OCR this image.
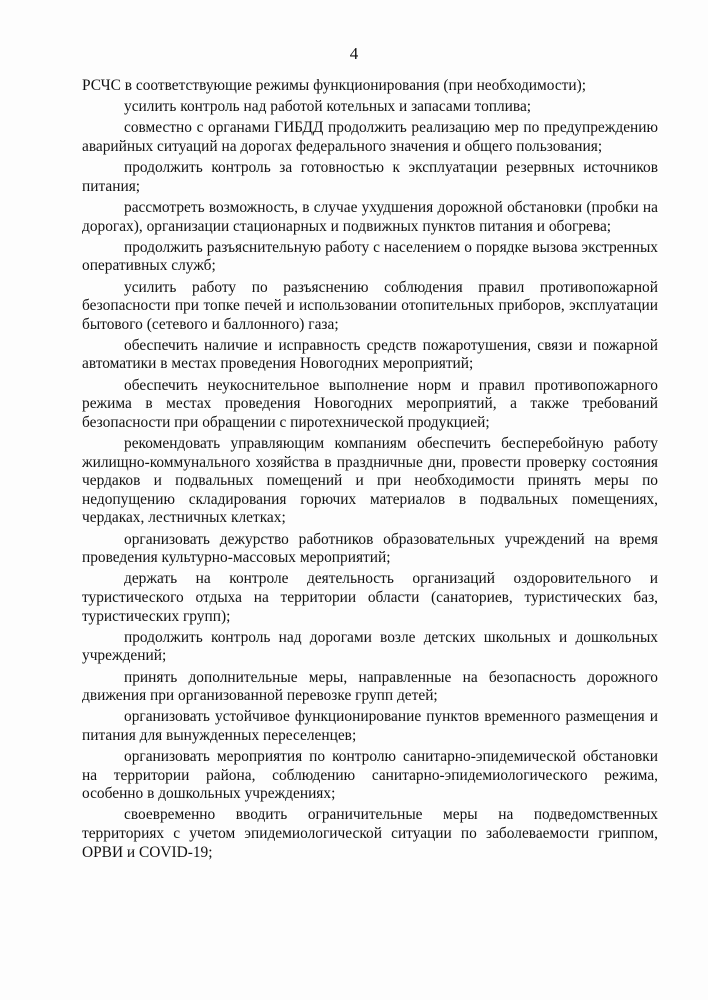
4

РСЧС в соответствующие режимы функционирования (при необходимости);

усилить контроль над работой котельных и запасами топлива;

совместно с органами ГИБДД продолжить реализацию мер по предупреждению аварийных ситуаций на дорогах федерального значения и общего пользования;

продолжить контроль за готовностью к эксплуатации резервных источников питания;

рассмотреть возможность, в случае ухудшения дорожной обстановки (пробки на дорогах), организации стационарных и подвижных пунктов питания и обогрева;

продолжить разъяснительную работу с населением о порядке вызова экстренных оперативных служб;

усилить работу по разъяснению соблюдения правил противопожарной безопасности при топке печей и использовании отопительных приборов, эксплуатации бытового (сетевого и баллонного) газа;

обеспечить наличие и исправность средств пожаротушения, связи и пожарной автоматики в местах проведения Новогодних мероприятий;

обеспечить неукоснительное выполнение норм и правил противопожарного режима в местах проведения Новогодних мероприятий, а также требований безопасности при обращении с пиротехнической продукцией;

рекомендовать управляющим компаниям обеспечить бесперебойную работу жилищно-коммунального хозяйства в праздничные дни, провести проверку состояния чердаков и подвальных помещений и при необходимости принять меры по недопущению складирования горючих материалов в подвальных помещениях, чердаках, лестничных клетках;

организовать дежурство работников образовательных учреждений на время проведения культурно-массовых мероприятий;

держать на контроле деятельность организаций оздоровительного и туристического отдыха на территории области (санаториев, туристических баз, туристических групп);

продолжить контроль над дорогами возле детских школьных и дошкольных учреждений;

принять дополнительные меры, направленные на безопасность дорожного движения при организованной перевозке групп детей;

организовать устойчивое функционирование пунктов временного размещения и питания для вынужденных переселенцев;

организовать мероприятия по контролю санитарно-эпидемической обстановки на территории района, соблюдению санитарно-эпидемиологического режима, особенно в дошкольных учреждениях;

своевременно вводить ограничительные меры на подведомственных территориях с учетом эпидемиологической ситуации по заболеваемости гриппом, ОРВИ и COVID-19;
